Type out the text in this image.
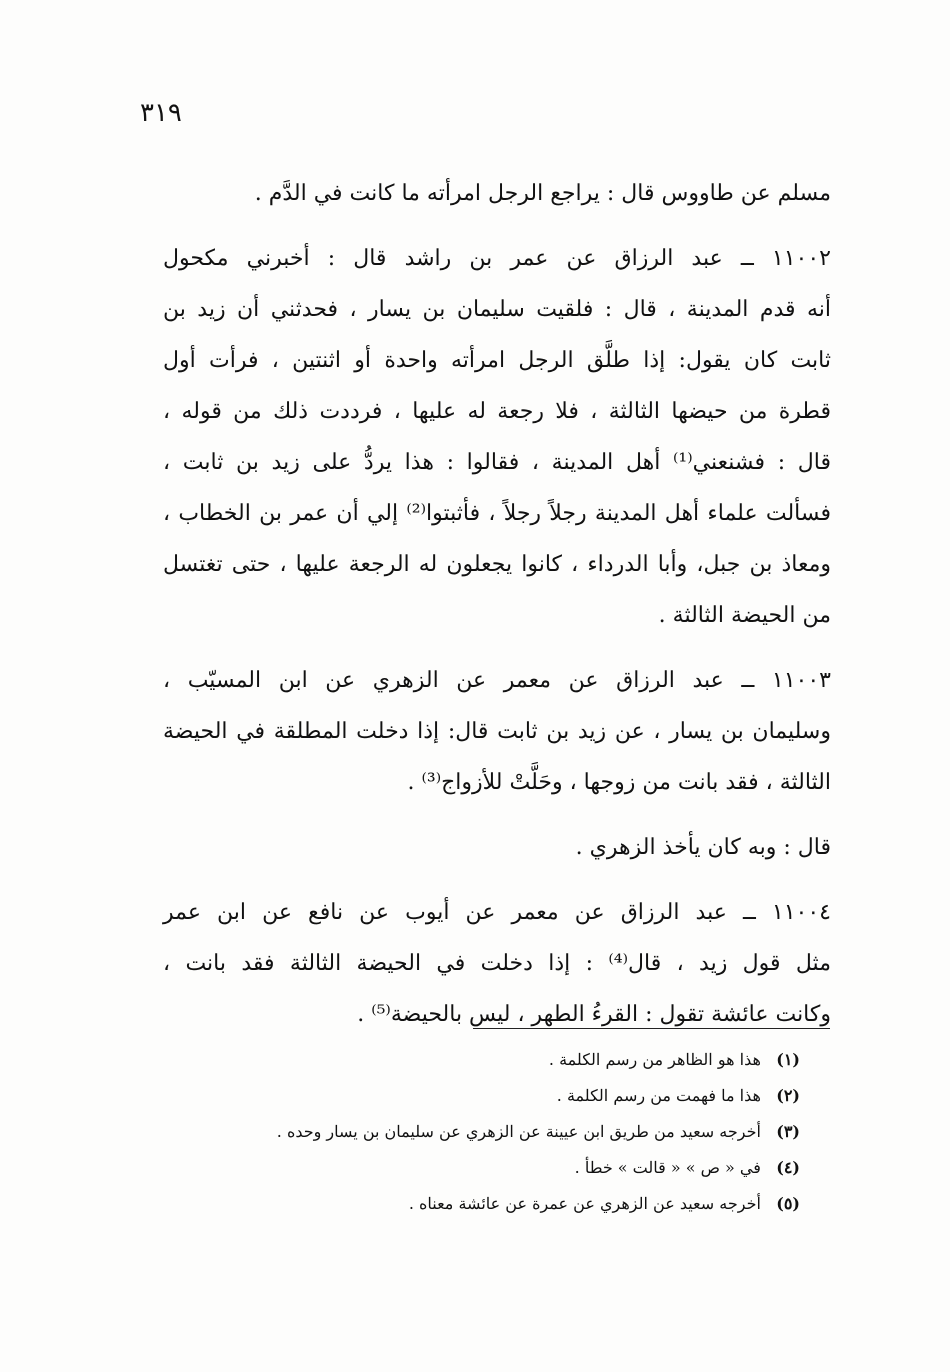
٣١٩

مسلم عن طاووس قال : يراجع الرجل امرأته ما كانت في الدَّم .

١١٠٠٢ ــ عبد الرزاق عن عمر بن راشد قال : أخبرني مكحول
أنه قدم المدينة ، قال : فلقيت سليمان بن يسار ، فحدثني أن زيد بن
ثابت كان يقول: إذا طلَّق الرجل امرأته واحدة أو اثنتين ، فرأت أول
قطرة من حيضها الثالثة ، فلا رجعة له عليها ، فرددت ذلك من قوله ،
قال : فشنعني⁽¹⁾ أهل المدينة ، فقالوا : هذا يردُّ على زيد بن ثابت ،
فسألت علماء أهل المدينة رجلاً رجلاً ، فأثبتوا⁽²⁾ إلي أن عمر بن الخطاب ،
ومعاذ بن جبل، وأبا الدرداء ، كانوا يجعلون له الرجعة عليها ، حتى تغتسل
من الحيضة الثالثة .

١١٠٠٣ ــ عبد الرزاق عن معمر عن الزهري عن ابن المسيّب ،
وسليمان بن يسار ، عن زيد بن ثابت قال: إذا دخلت المطلقة في الحيضة
الثالثة ، فقد بانت من زوجها ، وحَلَّتْ للأزواج⁽³⁾ .

قال : وبه كان يأخذ الزهري .

١١٠٠٤ ــ عبد الرزاق عن معمر عن أيوب عن نافع عن ابن عمر
مثل قول زيد ، قال⁽⁴⁾ : إذا دخلت في الحيضة الثالثة فقد بانت ،
وكانت عائشة تقول : القرءُ الطهر ، ليس بالحيضة⁽⁵⁾ .

(١) هذا هو الظاهر من رسم الكلمة .
(٢) هذا ما فهمت من رسم الكلمة .
(٣) أخرجه سعيد من طريق ابن عيينة عن الزهري عن سليمان بن يسار وحده .
(٤) في « ص » « قالت » خطأ .
(٥) أخرجه سعيد عن الزهري عن عمرة عن عائشة معناه .
